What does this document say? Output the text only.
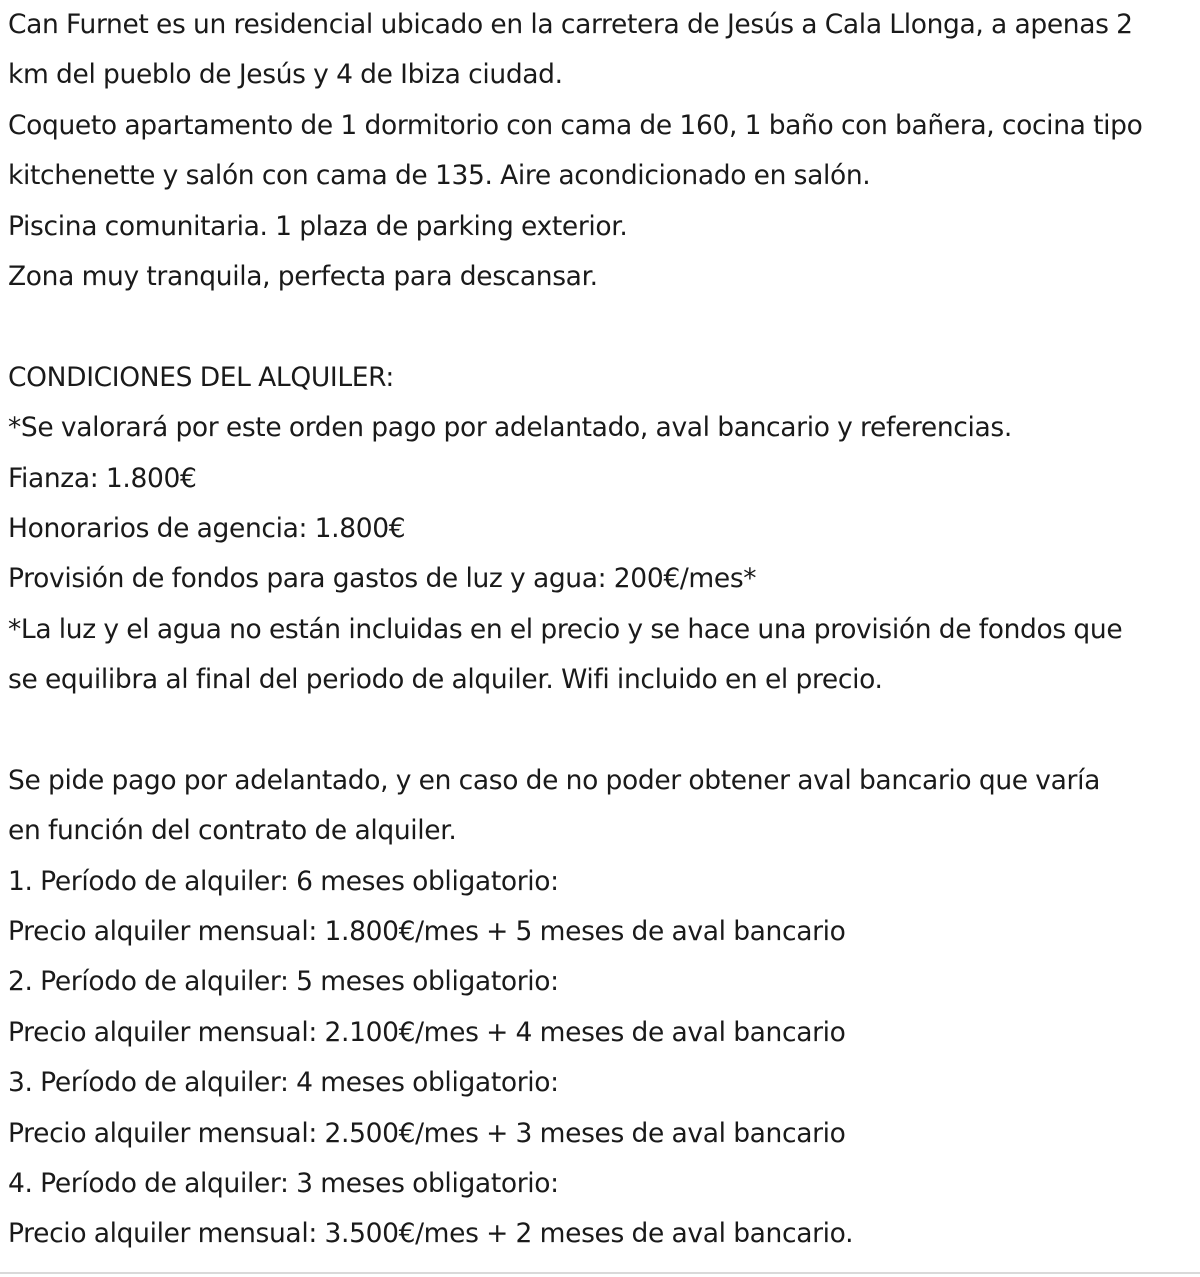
Can Furnet es un residencial ubicado en la carretera de Jesús a Cala Llonga, a apenas 2
km del pueblo de Jesús y 4 de Ibiza ciudad.
Coqueto apartamento de 1 dormitorio con cama de 160, 1 baño con bañera, cocina tipo
kitchenette y salón con cama de 135. Aire acondicionado en salón.
Piscina comunitaria. 1 plaza de parking exterior.
Zona muy tranquila, perfecta para descansar.
CONDICIONES DEL ALQUILER:
*Se valorará por este orden pago por adelantado, aval bancario y referencias.
Fianza: 1.800€
Honorarios de agencia: 1.800€
Provisión de fondos para gastos de luz y agua: 200€/mes*
*La luz y el agua no están incluidas en el precio y se hace una provisión de fondos que
se equilibra al final del periodo de alquiler. Wifi incluido en el precio.
Se pide pago por adelantado, y en caso de no poder obtener aval bancario que varía
en función del contrato de alquiler.
1. Período de alquiler: 6 meses obligatorio:
Precio alquiler mensual: 1.800€/mes + 5 meses de aval bancario
2. Período de alquiler: 5 meses obligatorio:
Precio alquiler mensual: 2.100€/mes + 4 meses de aval bancario
3. Período de alquiler: 4 meses obligatorio:
Precio alquiler mensual: 2.500€/mes + 3 meses de aval bancario
4. Período de alquiler: 3 meses obligatorio:
Precio alquiler mensual: 3.500€/mes + 2 meses de aval bancario.
